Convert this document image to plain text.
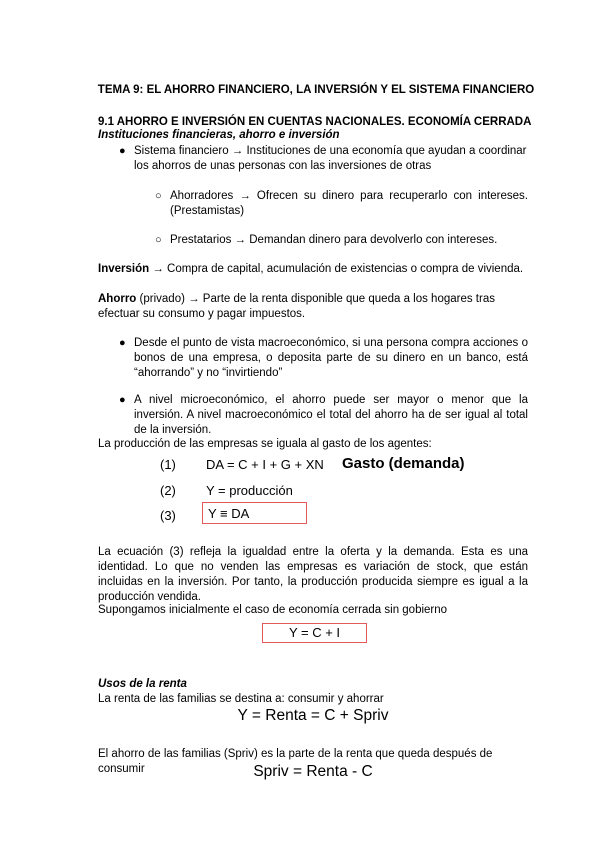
TEMA 9: EL AHORRO FINANCIERO, LA INVERSIÓN Y EL SISTEMA FINANCIERO
9.1 AHORRO E INVERSIÓN EN CUENTAS NACIONALES. ECONOMÍA CERRADA
Instituciones financieras, ahorro e inversión
● Sistema financiero → Instituciones de una economía que ayudan a coordinar los ahorros de unas personas con las inversiones de otras
○ Ahorradores → Ofrecen su dinero para recuperarlo con intereses. (Prestamistas)
○ Prestatarios → Demandan dinero para devolverlo con intereses.
Inversión → Compra de capital, acumulación de existencias o compra de vivienda.
Ahorro (privado) → Parte de la renta disponible que queda a los hogares tras efectuar su consumo y pagar impuestos.
● Desde el punto de vista macroeconómico, si una persona compra acciones o bonos de una empresa, o deposita parte de su dinero en un banco, está “ahorrando” y no “invirtiendo”
● A nivel microeconómico, el ahorro puede ser mayor o menor que la inversión. A nivel macroeconómico el total del ahorro ha de ser igual al total de la inversión.
La producción de las empresas se iguala al gasto de los agentes:
(1) DA = C + I + G + XN Gasto (demanda)
(2) Y = producción
(3) Y ≡ DA
La ecuación (3) refleja la igualdad entre la oferta y la demanda. Esta es una identidad. Lo que no venden las empresas es variación de stock, que están incluidas en la inversión. Por tanto, la producción producida siempre es igual a la producción vendida.
Supongamos inicialmente el caso de economía cerrada sin gobierno
Y = C + I
Usos de la renta
La renta de las familias se destina a: consumir y ahorrar
Y = Renta = C + Spriv
El ahorro de las familias (Spriv) es la parte de la renta que queda después de consumir	Spriv = Renta - C
